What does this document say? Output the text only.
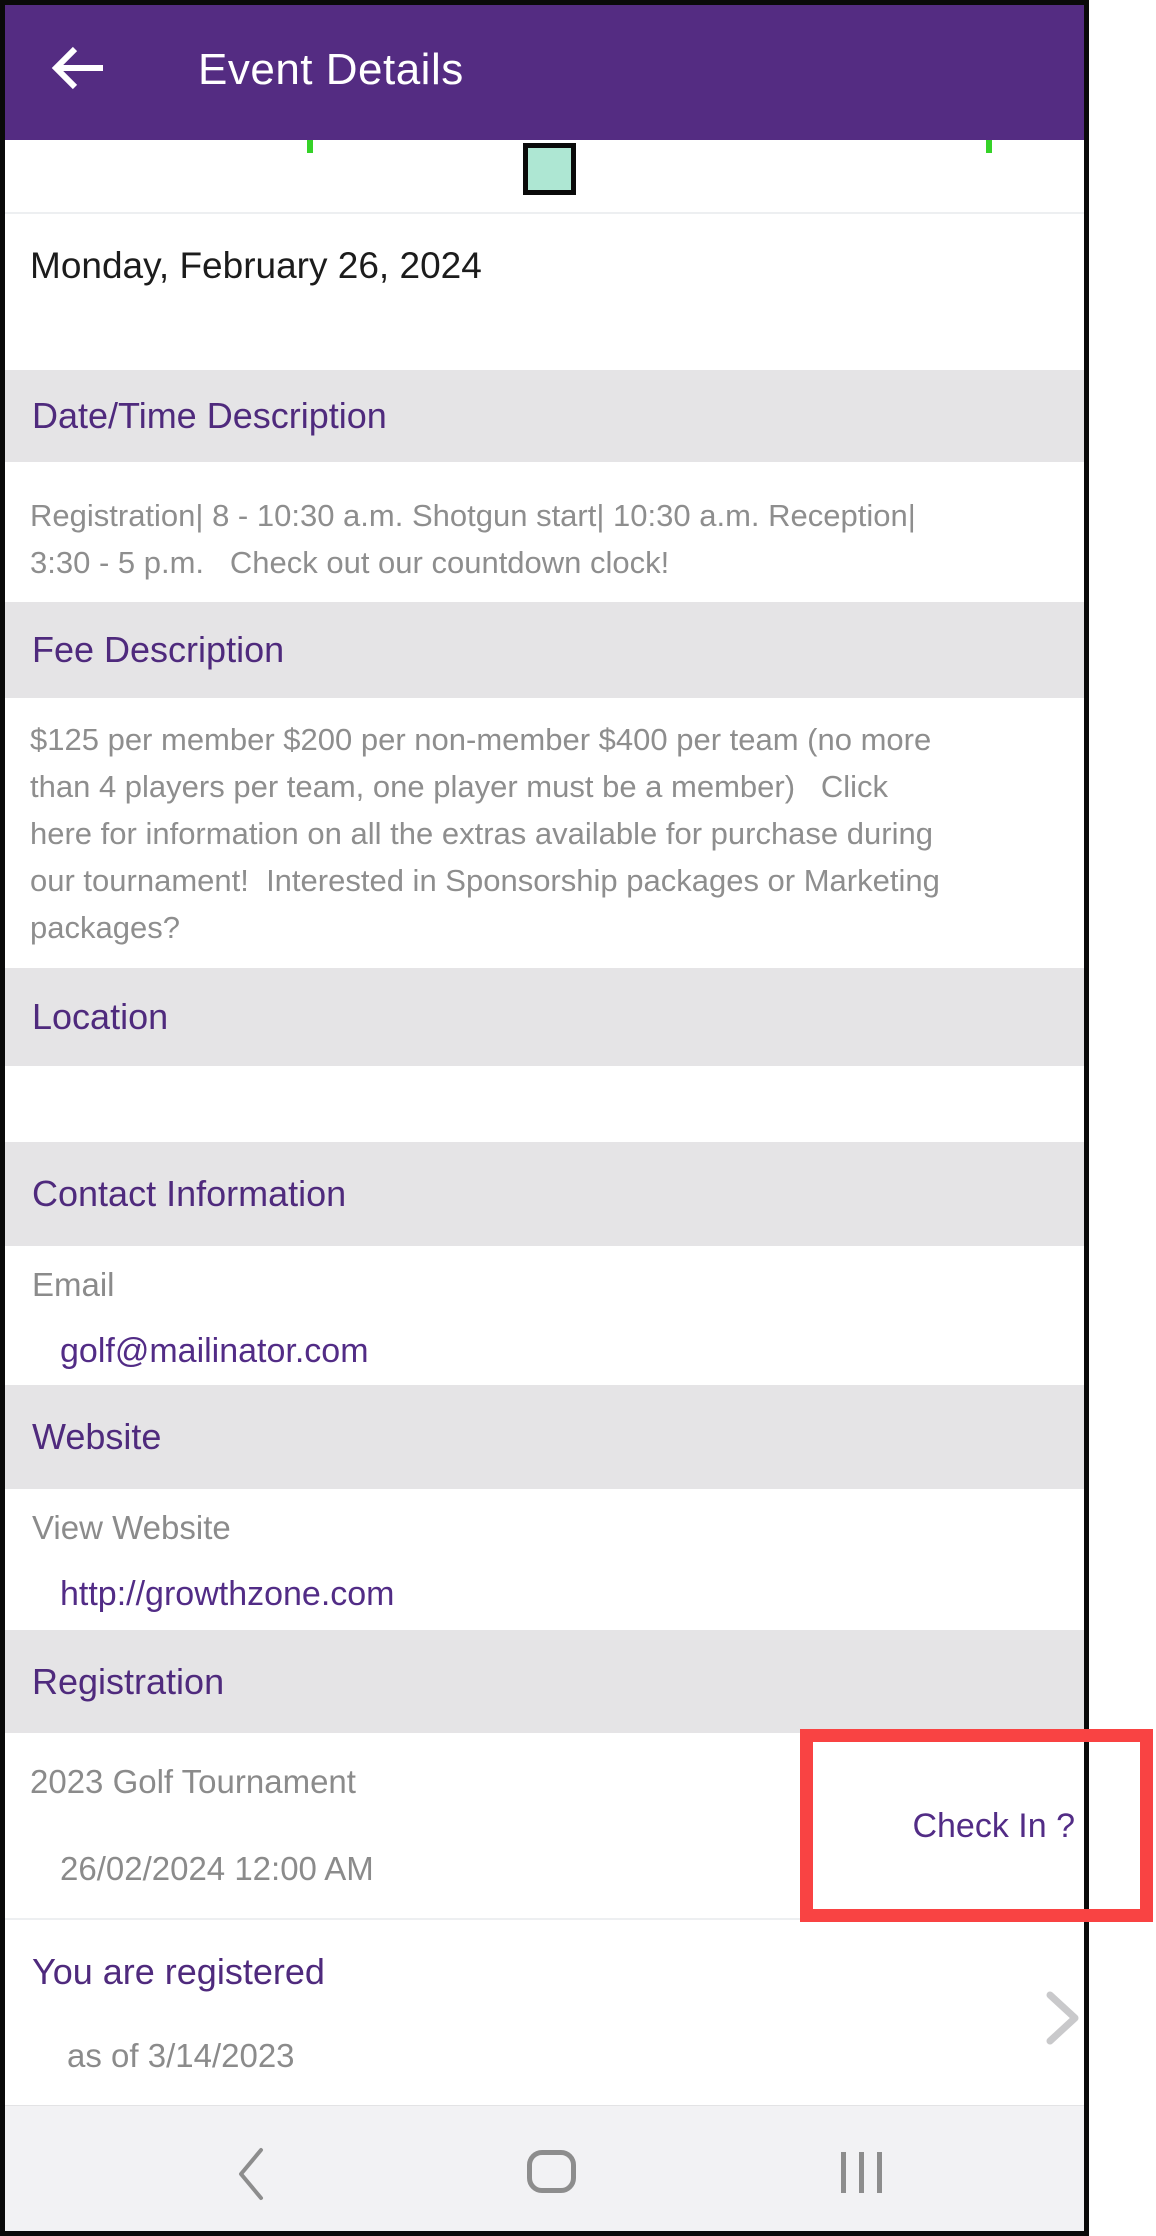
Event Details
Monday, February 26, 2024
Date/Time Description
Registration| 8 - 10:30 a.m. Shotgun start| 10:30 a.m. Reception|
3:30 - 5 p.m.   Check out our countdown clock!
Fee Description
$125 per member $200 per non-member $400 per team (no more
than 4 players per team, one player must be a member)   Click
here for information on all the extras available for purchase during
our tournament!  Interested in Sponsorship packages or Marketing
packages?
Location
Contact Information
Email
golf@mailinator.com
Website
View Website
http://growthzone.com
Registration
2023 Golf Tournament
26/02/2024 12:00 AM
Check In ?
You are registered
as of 3/14/2023
